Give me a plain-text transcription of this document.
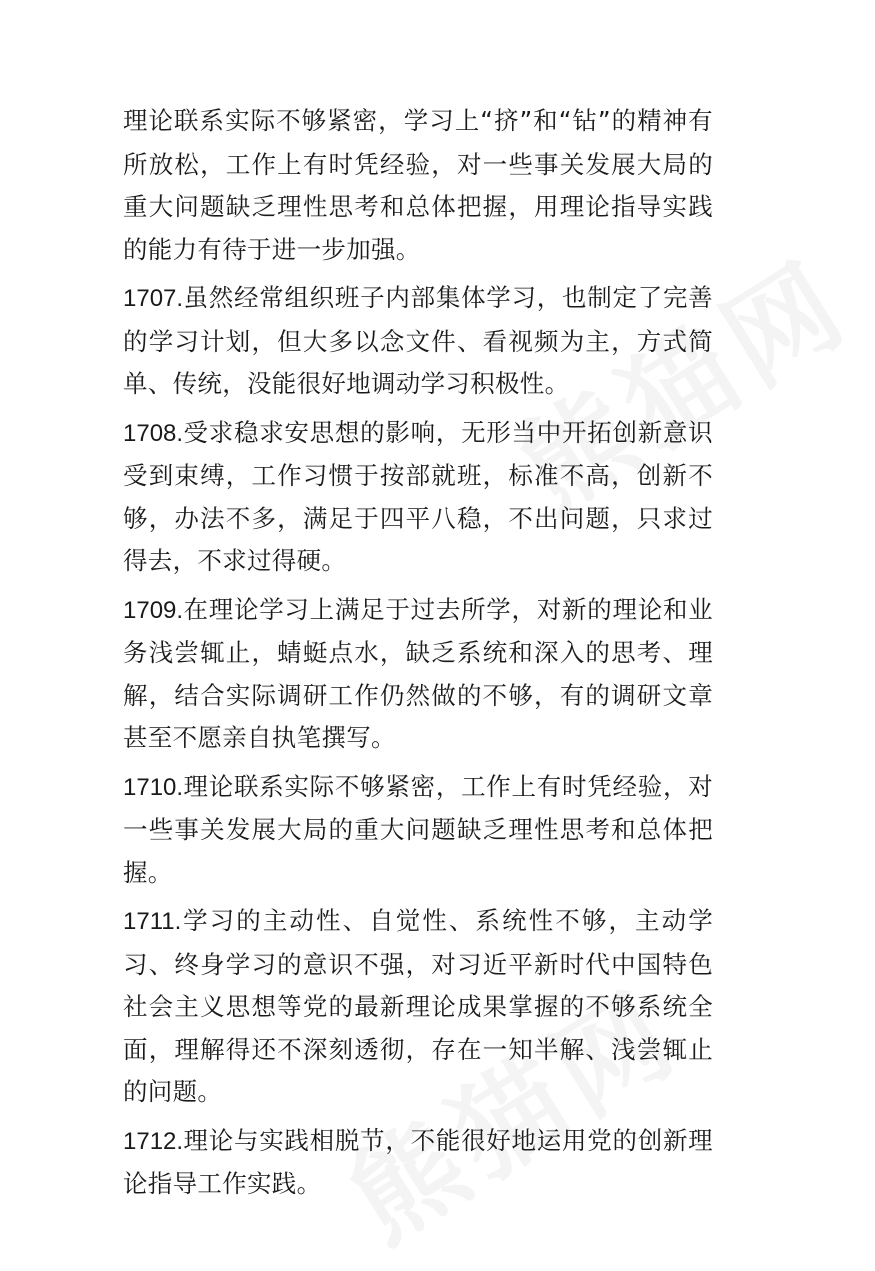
理论联系实际不够紧密，学习上“挤”和“钻”的精神有所放松，工作上有时凭经验，对一些事关发展大局的重大问题缺乏理性思考和总体把握，用理论指导实践的能力有待于进一步加强。

1707.虽然经常组织班子内部集体学习，也制定了完善的学习计划，但大多以念文件、看视频为主，方式简单、传统，没能很好地调动学习积极性。

1708.受求稳求安思想的影响，无形当中开拓创新意识受到束缚，工作习惯于按部就班，标准不高，创新不够，办法不多，满足于四平八稳，不出问题，只求过得去，不求过得硬。

1709.在理论学习上满足于过去所学，对新的理论和业务浅尝辄止，蜻蜓点水，缺乏系统和深入的思考、理解，结合实际调研工作仍然做的不够，有的调研文章甚至不愿亲自执笔撰写。

1710.理论联系实际不够紧密，工作上有时凭经验，对一些事关发展大局的重大问题缺乏理性思考和总体把握。

1711.学习的主动性、自觉性、系统性不够，主动学习、终身学习的意识不强，对习近平新时代中国特色社会主义思想等党的最新理论成果掌握的不够系统全面，理解得还不深刻透彻，存在一知半解、浅尝辄止的问题。

1712.理论与实践相脱节，不能很好地运用党的创新理论指导工作实践。
